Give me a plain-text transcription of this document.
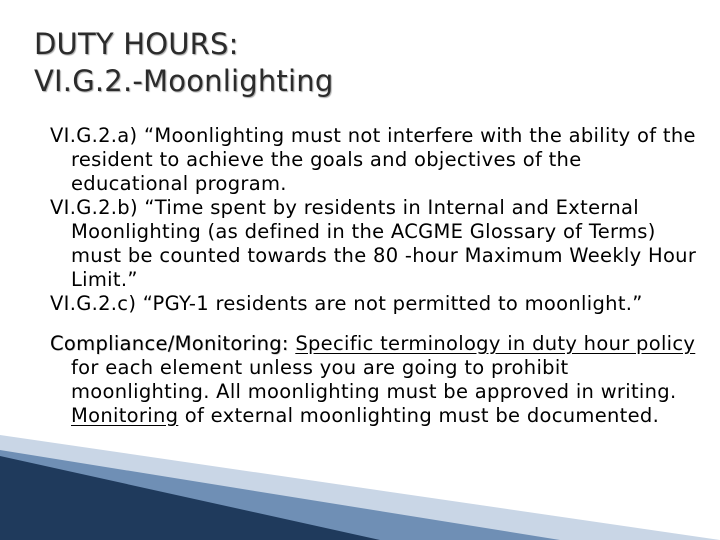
DUTY HOURS:
VI.G.2.-Moonlighting

VI.G.2.a) “Moonlighting must not interfere with the ability of the resident to achieve the goals and objectives of the educational program.

VI.G.2.b) “Time spent by residents in Internal and External Moonlighting (as defined in the ACGME Glossary of Terms) must be counted towards the 80 -hour Maximum Weekly Hour Limit.”

VI.G.2.c) “PGY-1 residents are not permitted to moonlight.”

Compliance/Monitoring: Specific terminology in duty hour policy for each element unless you are going to prohibit moonlighting. All moonlighting must be approved in writing. Monitoring of external moonlighting must be documented.
